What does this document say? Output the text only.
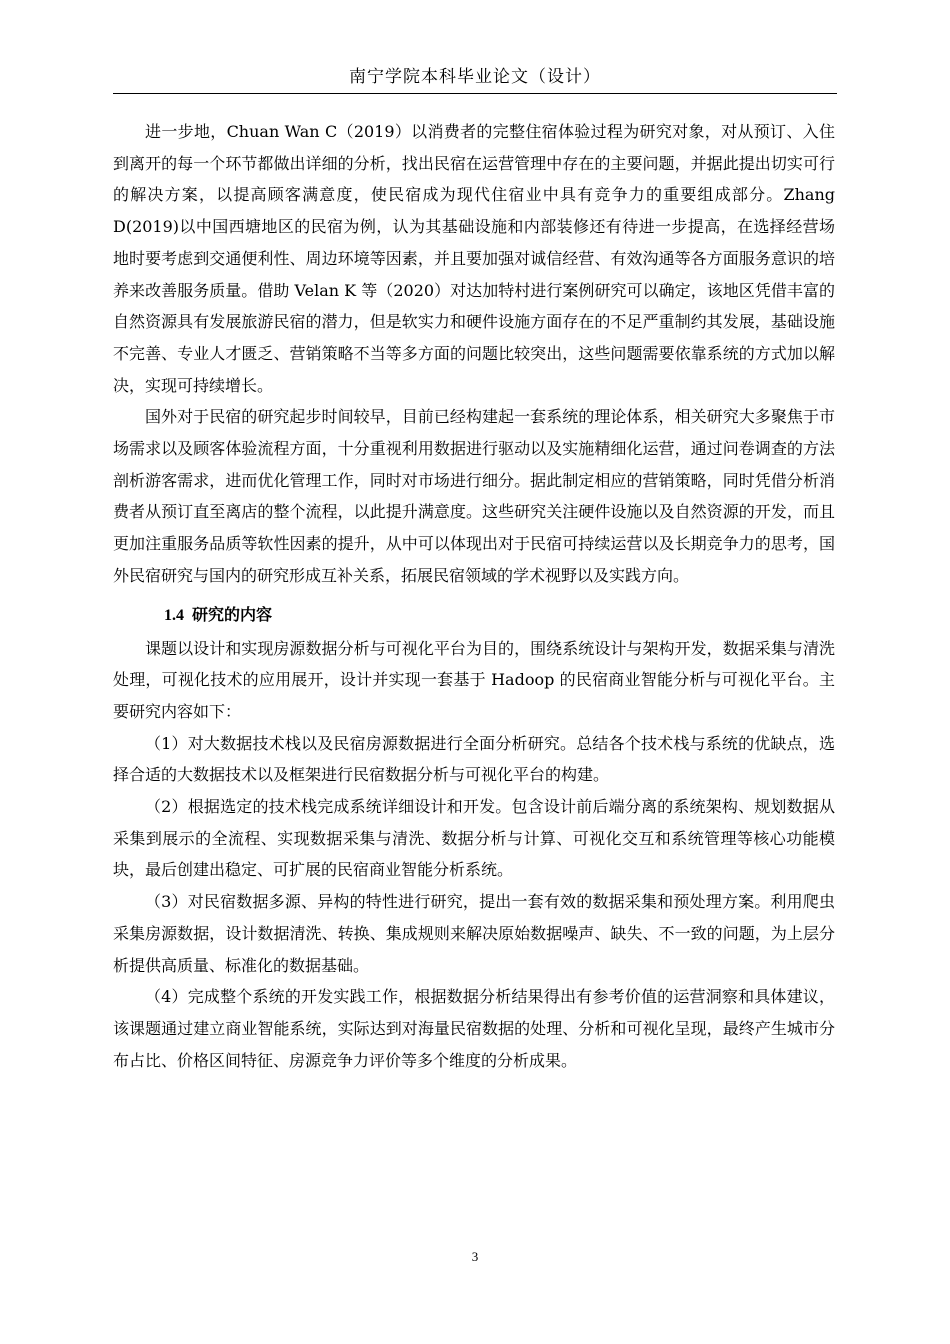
南宁学院本科毕业论文（设计）

进一步地，Chuan Wan C（2019）以消费者的完整住宿体验过程为研究对象，对从预订、入住到离开的每一个环节都做出详细的分析，找出民宿在运营管理中存在的主要问题，并据此提出切实可行的解决方案，以提高顾客满意度，使民宿成为现代住宿业中具有竞争力的重要组成部分。Zhang D(2019)以中国西塘地区的民宿为例，认为其基础设施和内部装修还有待进一步提高，在选择经营场地时要考虑到交通便利性、周边环境等因素，并且要加强对诚信经营、有效沟通等各方面服务意识的培养来改善服务质量。借助 Velan K 等（2020）对达加特村进行案例研究可以确定，该地区凭借丰富的自然资源具有发展旅游民宿的潜力，但是软实力和硬件设施方面存在的不足严重制约其发展，基础设施不完善、专业人才匮乏、营销策略不当等多方面的问题比较突出，这些问题需要依靠系统的方式加以解决，实现可持续增长。

国外对于民宿的研究起步时间较早，目前已经构建起一套系统的理论体系，相关研究大多聚焦于市场需求以及顾客体验流程方面，十分重视利用数据进行驱动以及实施精细化运营，通过问卷调查的方法剖析游客需求，进而优化管理工作，同时对市场进行细分。据此制定相应的营销策略，同时凭借分析消费者从预订直至离店的整个流程，以此提升满意度。这些研究关注硬件设施以及自然资源的开发，而且更加注重服务品质等软性因素的提升，从中可以体现出对于民宿可持续运营以及长期竞争力的思考，国外民宿研究与国内的研究形成互补关系，拓展民宿领域的学术视野以及实践方向。

1.4 研究的内容

课题以设计和实现房源数据分析与可视化平台为目的，围绕系统设计与架构开发，数据采集与清洗处理，可视化技术的应用展开，设计并实现一套基于 Hadoop 的民宿商业智能分析与可视化平台。主要研究内容如下：

（1）对大数据技术栈以及民宿房源数据进行全面分析研究。总结各个技术栈与系统的优缺点，选择合适的大数据技术以及框架进行民宿数据分析与可视化平台的构建。

（2）根据选定的技术栈完成系统详细设计和开发。包含设计前后端分离的系统架构、规划数据从采集到展示的全流程、实现数据采集与清洗、数据分析与计算、可视化交互和系统管理等核心功能模块，最后创建出稳定、可扩展的民宿商业智能分析系统。

（3）对民宿数据多源、异构的特性进行研究，提出一套有效的数据采集和预处理方案。利用爬虫采集房源数据，设计数据清洗、转换、集成规则来解决原始数据噪声、缺失、不一致的问题，为上层分析提供高质量、标准化的数据基础。

（4）完成整个系统的开发实践工作，根据数据分析结果得出有参考价值的运营洞察和具体建议，该课题通过建立商业智能系统，实际达到对海量民宿数据的处理、分析和可视化呈现，最终产生城市分布占比、价格区间特征、房源竞争力评价等多个维度的分析成果。

3
